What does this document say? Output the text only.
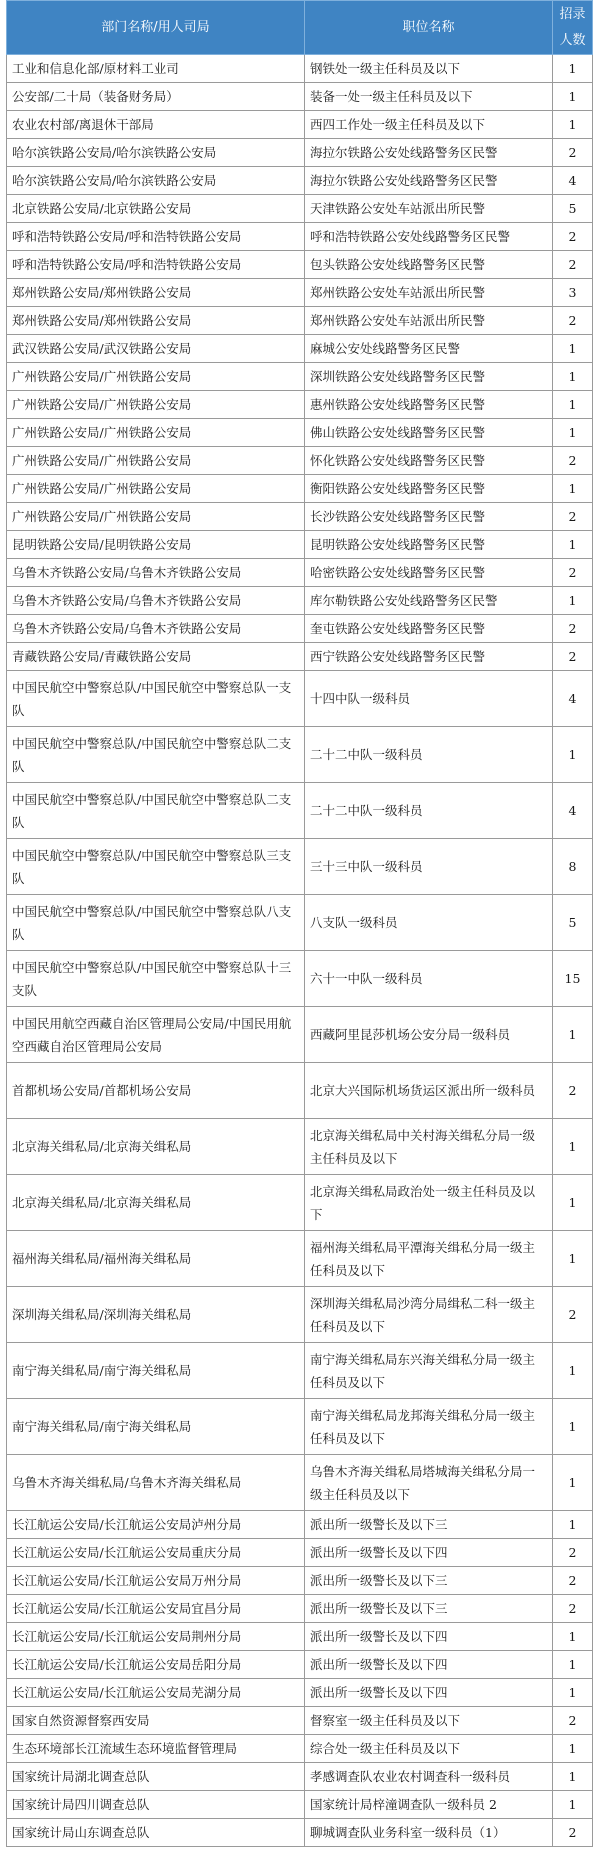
部门名称/用人司局	职位名称	招录人数
工业和信息化部/原材料工业司	钢铁处一级主任科员及以下	1
公安部/二十局（装备财务局）	装备一处一级主任科员及以下	1
农业农村部/离退休干部局	西四工作处一级主任科员及以下	1
哈尔滨铁路公安局/哈尔滨铁路公安局	海拉尔铁路公安处线路警务区民警	2
哈尔滨铁路公安局/哈尔滨铁路公安局	海拉尔铁路公安处线路警务区民警	4
北京铁路公安局/北京铁路公安局	天津铁路公安处车站派出所民警	5
呼和浩特铁路公安局/呼和浩特铁路公安局	呼和浩特铁路公安处线路警务区民警	2
呼和浩特铁路公安局/呼和浩特铁路公安局	包头铁路公安处线路警务区民警	2
郑州铁路公安局/郑州铁路公安局	郑州铁路公安处车站派出所民警	3
郑州铁路公安局/郑州铁路公安局	郑州铁路公安处车站派出所民警	2
武汉铁路公安局/武汉铁路公安局	麻城公安处线路警务区民警	1
广州铁路公安局/广州铁路公安局	深圳铁路公安处线路警务区民警	1
广州铁路公安局/广州铁路公安局	惠州铁路公安处线路警务区民警	1
广州铁路公安局/广州铁路公安局	佛山铁路公安处线路警务区民警	1
广州铁路公安局/广州铁路公安局	怀化铁路公安处线路警务区民警	2
广州铁路公安局/广州铁路公安局	衡阳铁路公安处线路警务区民警	1
广州铁路公安局/广州铁路公安局	长沙铁路公安处线路警务区民警	2
昆明铁路公安局/昆明铁路公安局	昆明铁路公安处线路警务区民警	1
乌鲁木齐铁路公安局/乌鲁木齐铁路公安局	哈密铁路公安处线路警务区民警	2
乌鲁木齐铁路公安局/乌鲁木齐铁路公安局	库尔勒铁路公安处线路警务区民警	1
乌鲁木齐铁路公安局/乌鲁木齐铁路公安局	奎屯铁路公安处线路警务区民警	2
青藏铁路公安局/青藏铁路公安局	西宁铁路公安处线路警务区民警	2
中国民航空中警察总队/中国民航空中警察总队一支队	十四中队一级科员	4
中国民航空中警察总队/中国民航空中警察总队二支队	二十二中队一级科员	1
中国民航空中警察总队/中国民航空中警察总队二支队	二十二中队一级科员	4
中国民航空中警察总队/中国民航空中警察总队三支队	三十三中队一级科员	8
中国民航空中警察总队/中国民航空中警察总队八支队	八支队一级科员	5
中国民航空中警察总队/中国民航空中警察总队十三支队	六十一中队一级科员	15
中国民用航空西藏自治区管理局公安局/中国民用航空西藏自治区管理局公安局	西藏阿里昆莎机场公安分局一级科员	1
首都机场公安局/首都机场公安局	北京大兴国际机场货运区派出所一级科员	2
北京海关缉私局/北京海关缉私局	北京海关缉私局中关村海关缉私分局一级主任科员及以下	1
北京海关缉私局/北京海关缉私局	北京海关缉私局政治处一级主任科员及以下	1
福州海关缉私局/福州海关缉私局	福州海关缉私局平潭海关缉私分局一级主任科员及以下	1
深圳海关缉私局/深圳海关缉私局	深圳海关缉私局沙湾分局缉私二科一级主任科员及以下	2
南宁海关缉私局/南宁海关缉私局	南宁海关缉私局东兴海关缉私分局一级主任科员及以下	1
南宁海关缉私局/南宁海关缉私局	南宁海关缉私局龙邦海关缉私分局一级主任科员及以下	1
乌鲁木齐海关缉私局/乌鲁木齐海关缉私局	乌鲁木齐海关缉私局塔城海关缉私分局一级主任科员及以下	1
长江航运公安局/长江航运公安局泸州分局	派出所一级警长及以下三	1
长江航运公安局/长江航运公安局重庆分局	派出所一级警长及以下四	2
长江航运公安局/长江航运公安局万州分局	派出所一级警长及以下三	2
长江航运公安局/长江航运公安局宜昌分局	派出所一级警长及以下三	2
长江航运公安局/长江航运公安局荆州分局	派出所一级警长及以下四	1
长江航运公安局/长江航运公安局岳阳分局	派出所一级警长及以下四	1
长江航运公安局/长江航运公安局芜湖分局	派出所一级警长及以下四	1
国家自然资源督察西安局	督察室一级主任科员及以下	2
生态环境部长江流域生态环境监督管理局	综合处一级主任科员及以下	1
国家统计局湖北调查总队	孝感调查队农业农村调查科一级科员	1
国家统计局四川调查总队	国家统计局梓潼调查队一级科员 2	1
国家统计局山东调查总队	聊城调查队业务科室一级科员（1）	2
